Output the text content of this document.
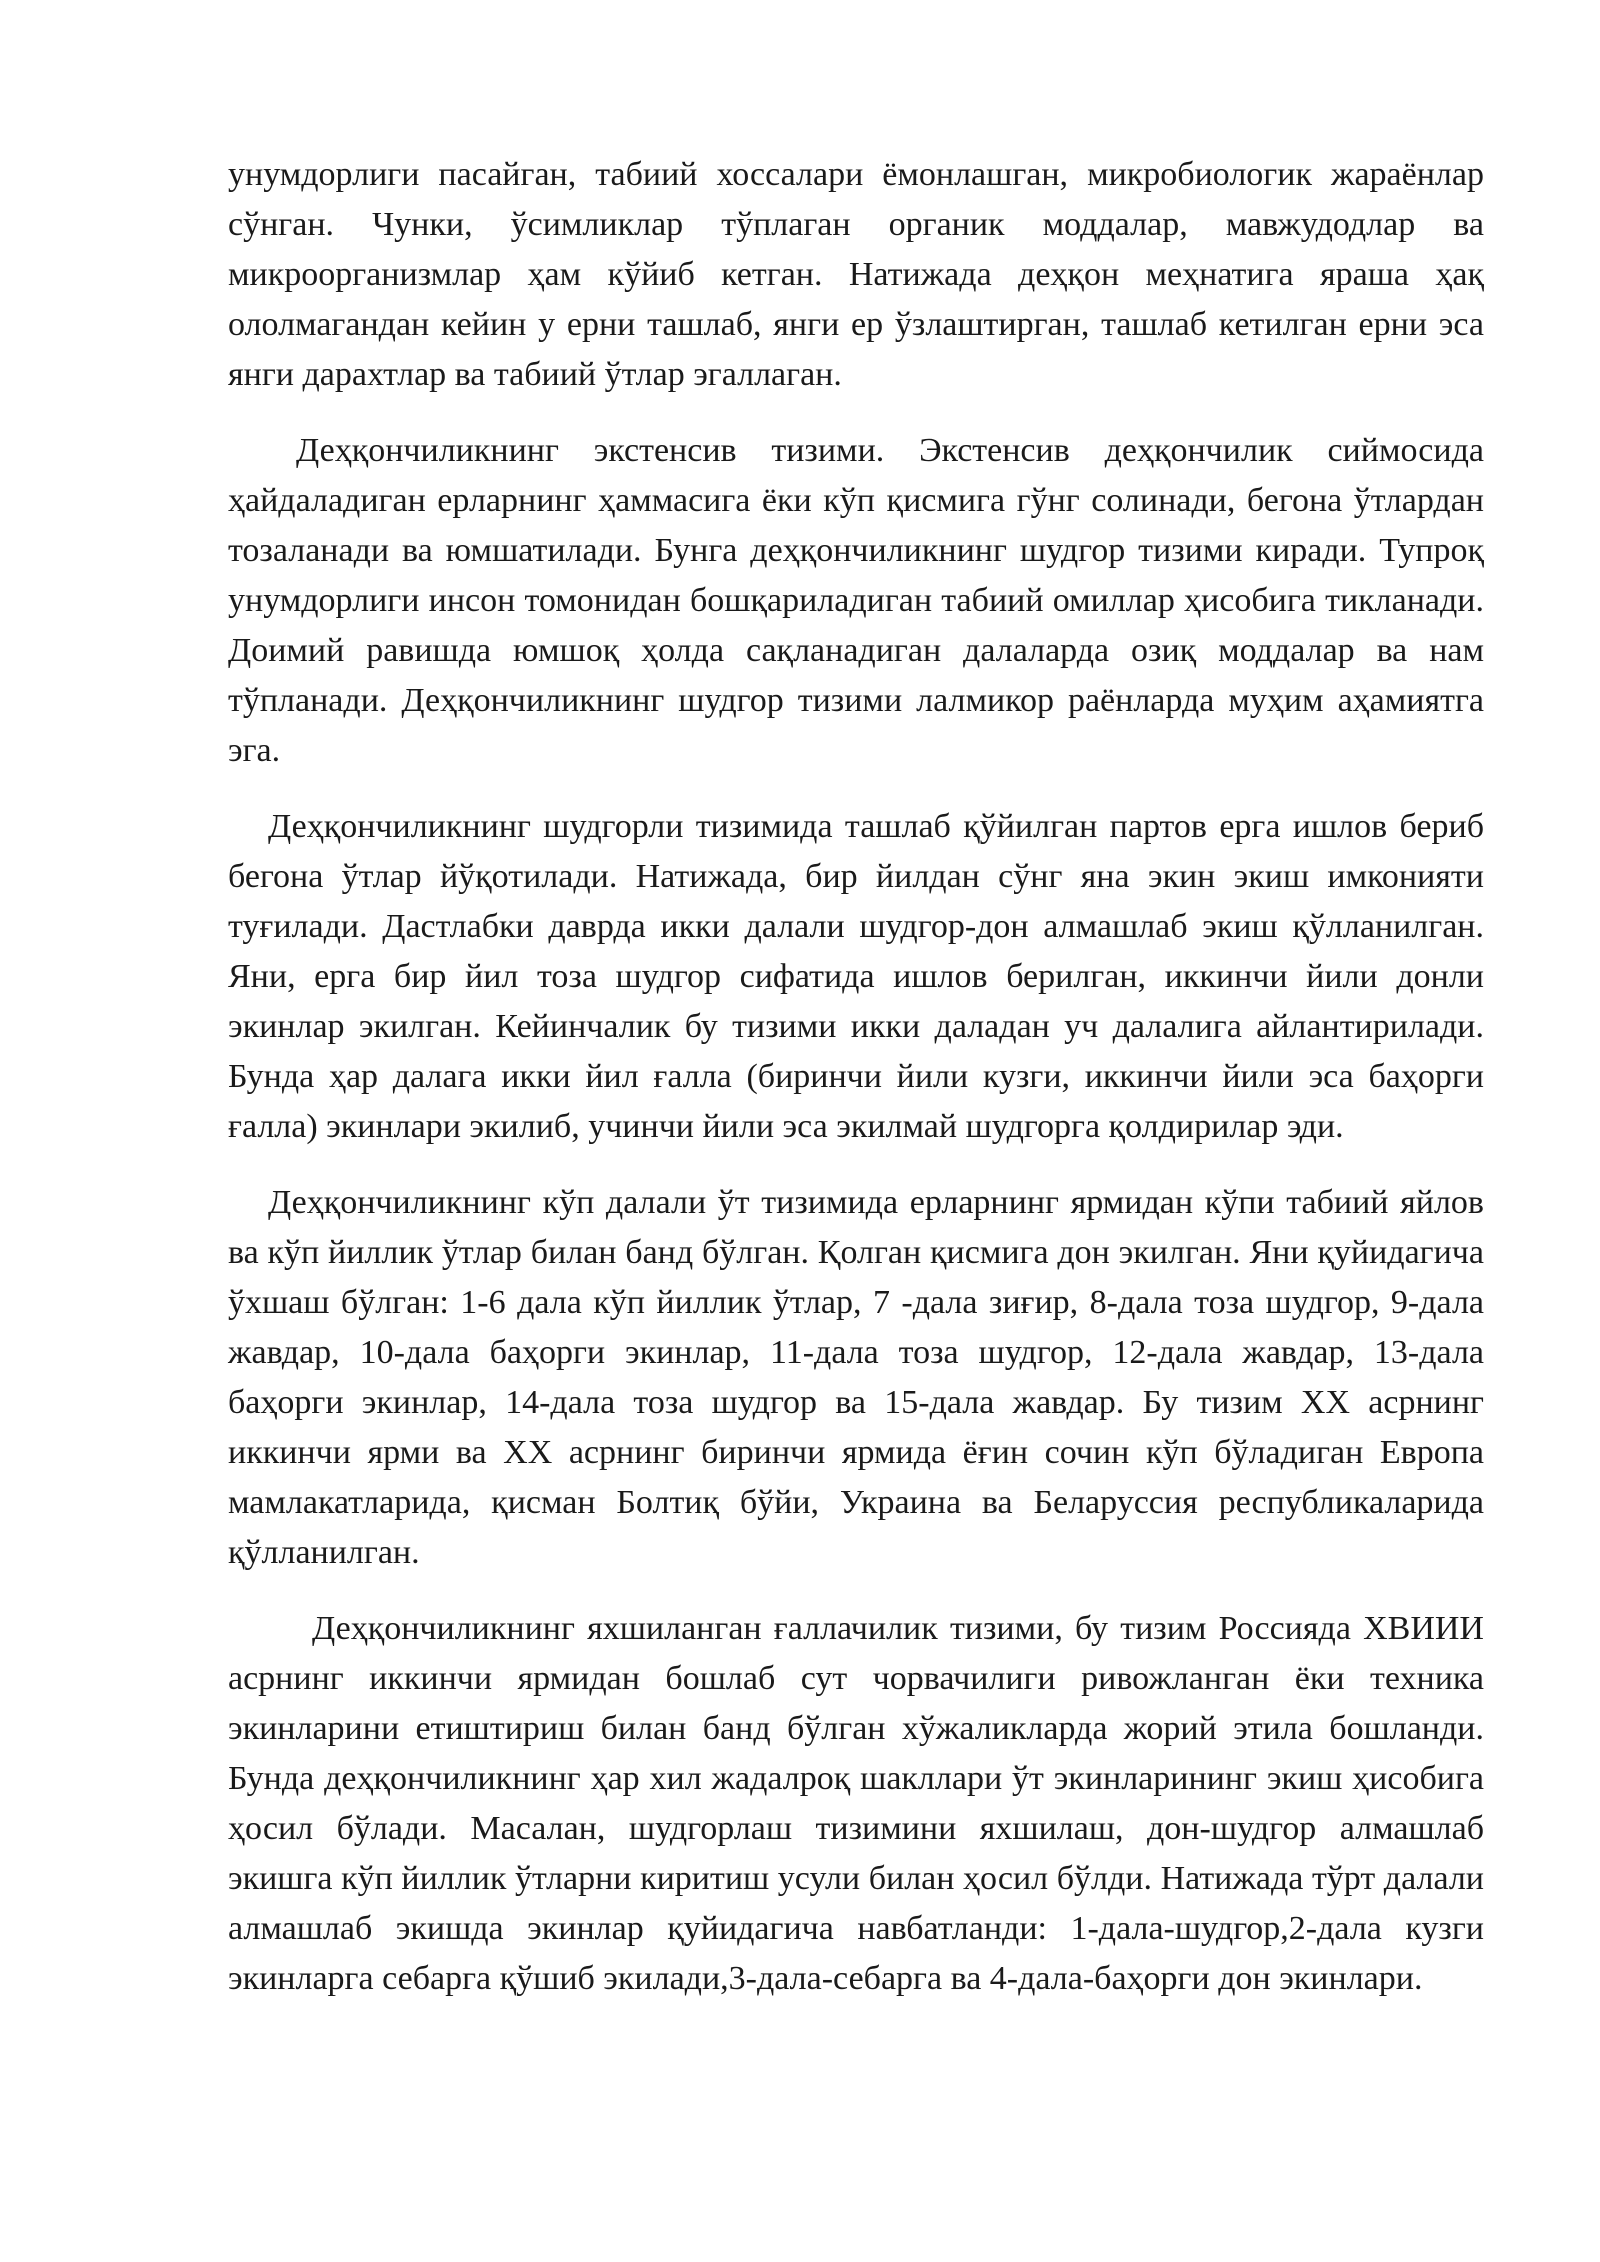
унумдорлиги пасайган, табиий хоссалари ёмонлашган, микробиологик жараёнлар сўнган. Чунки, ўсимликлар тўплаган органик моддалар, мавжудодлар ва микроорганизмлар ҳам кўйиб кетган. Натижада деҳқон меҳнатига яраша ҳақ ололмагандан кейин у ерни ташлаб, янги ер ўзлаштирган, ташлаб кетилган ерни эса янги дарахтлар ва табиий ўтлар эгаллаган.

Деҳқончиликнинг экстенсив тизими. Экстенсив деҳқончилик сиймосида ҳайдаладиган ерларнинг ҳаммасига ёки кўп қисмига гўнг солинади, бегона ўтлардан тозаланади ва юмшатилади. Бунга деҳқончиликнинг шудгор тизими киради. Тупроқ унумдорлиги инсон томонидан бошқариладиган табиий омиллар ҳисобига тикланади. Доимий равишда юмшоқ ҳолда сақланадиган далаларда озиқ моддалар ва нам тўпланади. Деҳқончиликнинг шудгор тизими лалмикор раёнларда муҳим аҳамиятга эга.

Деҳқончиликнинг шудгорли тизимида ташлаб қўйилган партов ерга ишлов бериб бегона ўтлар йўқотилади. Натижада, бир йилдан сўнг яна экин экиш имконияти туғилади. Дастлабки даврда икки далали шудгор-дон алмашлаб экиш қўлланилган. Яни, ерга бир йил тоза шудгор сифатида ишлов берилган, иккинчи йили донли экинлар экилган. Кейинчалик бу тизими икки даладан уч далалига айлантирилади. Бунда ҳар далага икки йил ғалла (биринчи йили кузги, иккинчи йили эса баҳорги ғалла) экинлари экилиб, учинчи йили эса экилмай шудгорга қолдирилар эди.

Деҳқончиликнинг кўп далали ўт тизимида ерларнинг ярмидан кўпи табиий яйлов ва кўп йиллик ўтлар билан банд бўлган. Қолган қисмига дон экилган. Яни қуйидагича ўхшаш бўлган: 1-6 дала кўп йиллик ўтлар, 7 -дала зиғир, 8-дала тоза шудгор, 9-дала жавдар, 10-дала баҳорги экинлар, 11-дала тоза шудгор, 12-дала жавдар, 13-дала баҳорги экинлар, 14-дала тоза шудгор ва 15-дала жавдар. Бу тизим XX асрнинг иккинчи ярми ва XX асрнинг биринчи ярмида ёғин сочин кўп бўладиган Европа мамлакатларида, қисман Болтиқ бўйи, Украина ва Беларуссия республикаларида қўлланилган.

Деҳқончиликнинг яхшиланган ғаллачилик тизими, бу тизим Россияда ХВИИИ асрнинг иккинчи ярмидан бошлаб сут чорвачилиги ривожланган ёки техника экинларини етиштириш билан банд бўлган хўжаликларда жорий этила бошланди. Бунда деҳқончиликнинг ҳар хил жадалроқ шакллари ўт экинларининг экиш ҳисобига ҳосил бўлади. Масалан, шудгорлаш тизимини яхшилаш, дон-шудгор алмашлаб экишга кўп йиллик ўтларни киритиш усули билан ҳосил бўлди. Натижада тўрт далали алмашлаб экишда экинлар қуйидагича навбатланди: 1-дала-шудгор,2-дала кузги экинларга себарга қўшиб экилади,3-дала-себарга ва 4-дала-баҳорги дон экинлари.
